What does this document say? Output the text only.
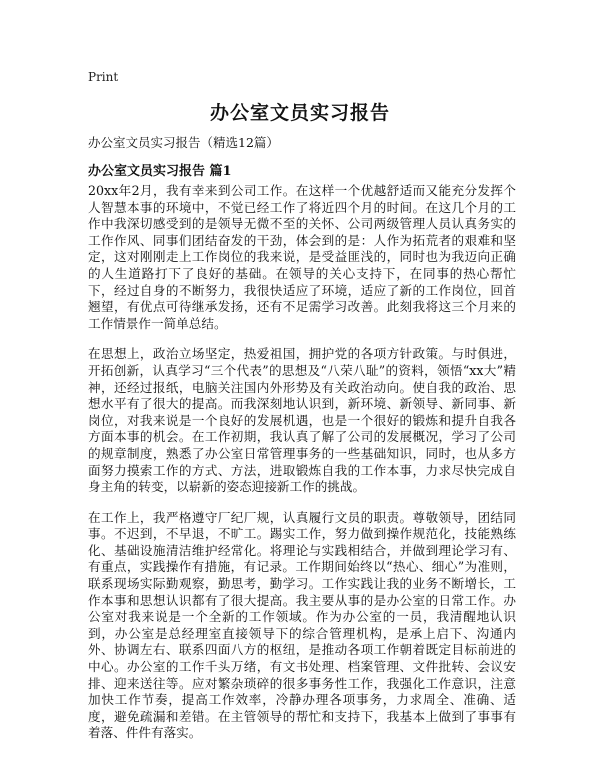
Print
办公室文员实习报告

办公室文员实习报告（精选12篇）

办公室文员实习报告 篇1

20xx年2月，我有幸来到公司工作。在这样一个优越舒适而又能充分发挥个人智慧本事的环境中，不觉已经工作了将近四个月的时间。在这几个月的工作中我深切感受到的是领导无微不至的关怀、公司两级管理人员认真务实的工作作风、同事们团结奋发的干劲，体会到的是：人作为拓荒者的艰难和坚定，这对刚刚走上工作岗位的我来说，是受益匪浅的，同时也为我迈向正确的人生道路打下了良好的基础。在领导的关心支持下，在同事的热心帮忙下，经过自身的不断努力，我很快适应了环境，适应了新的工作岗位，回首翘望，有优点可待继承发扬，还有不足需学习改善。此刻我将这三个月来的工作情景作一简单总结。

在思想上，政治立场坚定，热爱祖国，拥护党的各项方针政策。与时俱进，开拓创新，认真学习“三个代表”的思想及“八荣八耻”的资料，领悟“xx大”精神，还经过报纸，电脑关注国内外形势及有关政治动向。使自我的政治、思想水平有了很大的提高。而我深刻地认识到，新环境、新领导、新同事、新岗位，对我来说是一个良好的发展机遇，也是一个很好的锻炼和提升自我各方面本事的机会。在工作初期，我认真了解了公司的发展概况，学习了公司的规章制度，熟悉了办公室日常管理事务的一些基础知识，同时，也从多方面努力摸索工作的方式、方法，进取锻炼自我的工作本事，力求尽快完成自身主角的转变，以崭新的姿态迎接新工作的挑战。

在工作上，我严格遵守厂纪厂规，认真履行文员的职责。尊敬领导，团结同事。不迟到，不早退，不旷工。踢实工作，努力做到操作规范化，技能熟练化、基础设施清洁维护经常化。将理论与实践相结合，并做到理论学习有、有重点，实践操作有措施，有记录。工作期间始终以“热心、细心”为准则，联系现场实际勤观察，勤思考，勤学习。工作实践让我的业务不断增长，工作本事和思想认识都有了很大提高。我主要从事的是办公室的日常工作。办公室对我来说是一个全新的工作领域。作为办公室的一员，我清醒地认识到，办公室是总经理室直接领导下的综合管理机构，是承上启下、沟通内外、协调左右、联系四面八方的枢纽，是推动各项工作朝着既定目标前进的中心。办公室的工作千头万绪，有文书处理、档案管理、文件批转、会议安排、迎来送往等。应对繁杂琐碎的很多事务性工作，我强化工作意识，注意加快工作节奏，提高工作效率，冷静办理各项事务，力求周全、准确、适度，避免疏漏和差错。在主管领导的帮忙和支持下，我基本上做到了事事有着落、件件有落实。
